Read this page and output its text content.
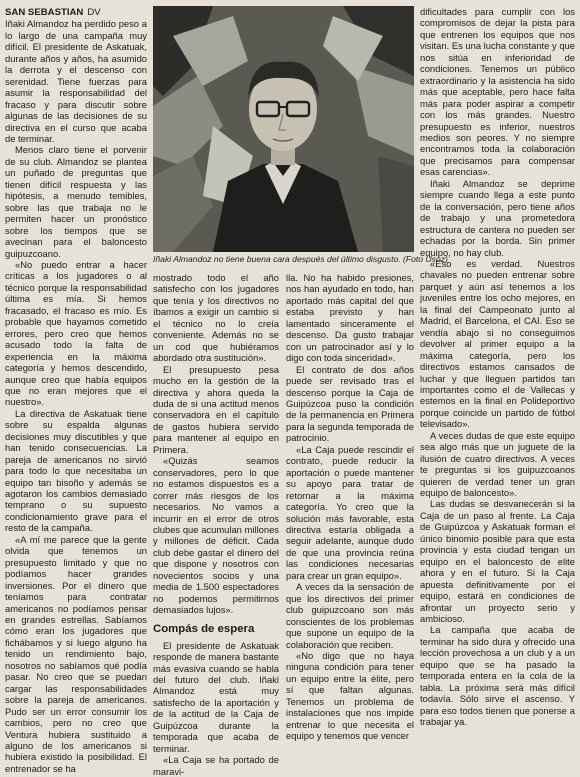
SAN SEBASTIAN DV

Iñaki Almandoz ha perdido peso a lo largo de una campaña muy difícil. El presidente de Askatuak, durante años y años, ha asumido la derrota y el descenso con serenidad. Tiene fuerzas para asumir la responsabilidad del fracaso y para discutir sobre algunas de las decisiones de su directiva en el curso que acaba de terminar.

Menos claro tiene el porvenir de su club. Almandoz se plantea un puñado de preguntas que tienen difícil respuesta y las hipótesis, a menudo temibles, sobre las que trabaja no le permiten hacer un pronóstico sobre los tiempos que se avecinan para el baloncesto guipuzcoano.

«No puedo entrar a hacer críticas a los jugadores o al técnico porque la responsabilidad última es mía. Si hemos fracasado, el fracaso es mío. Es probable que hayamos cometido errores, pero creo que hemos acusado todo la falta de experiencia en la máxima categoría y hemos descendido, aunque creo que había equipos que no eran mejores que el nuestro».

La directiva de Askatuak tiene sobre su espalda algunas decisiones muy discutibles y que han tenido consecuencias. La pareja de americanos no sirvió para todo lo que necesitaba un equipo tan bisoño y además se agotaron los cambios demasiado temprano o su supuesto condicionamiento grave para el resto de la campaña.

«A mí me parece que la gente olvida que tenemos un presupuesto limitado y que no podíamos hacer grandes inversiones. Por el dinero que teníamos para contratar americanos no podíamos pensar en grandes estrellas. Sabíamos cómo eran los jugadores que fichábamos y si luego alguno ha tenido un rendimiento bajo, nosotros no sabíamos qué podía pasar. No creo que se puedan cargar las responsabilidades sobre la pareja de americanos. Pudo ser un error consumir los cambios, pero no creo que Ventura hubiera sustituido a alguno de los americanos si hubiera existido la posibilidad. El entrenador se ha

Iñaki Almandoz no tiene buena cara después del último disgusto. (Foto Usoz)

mostrado todo el año satisfecho con los jugadores que tenía y los directivos no íbamos a exigir un cambio si el técnico no lo creía conveniente. Además no se un cod que hubiéramos abordado otra sustitución».

El presupuesto pesa mucho en la gestión de la directiva y ahora queda la duda de si una actitud menos conservadora en el capítulo de gastos hubiera servido para mantener al equipo en Primera.

«Quizás seamos conservadores, pero lo que no estamos dispuestos es a correr más riesgos de los necesarios. No vamos a incurrir en el error de otros clubes que acumulan millones y millones de déficit. Cada club debe gastar el dinero del que dispone y nosotros con novecientos socios y una media de 1.500 espectadores no podemos permitirnos demasiados lujos».

Compás de espera

El presidente de Askatuak responde de manera bastante más evasiva cuando se habla del futuro del club. Iñaki Almandoz está muy satisfecho de la aportación y de la actitud de la Caja de Guipúzcoa durante la temporada que acaba de terminar.

«La Caja se ha portado de maravi-

lla. No ha habido presiones, nos han ayudado en todo, han aportado más capital del que estaba previsto y han lamentado sinceramente el descenso. Da gusto trabajar con un patrocinador así y lo digo con toda sinceridad».

El contrato de dos años puede ser revisado tras el descenso porque la Caja de Guipúzcoa puso la condición de la permanencia en Primera para la segunda temporada de patrocinio.

«La Caja puede rescindir el contrato, puede reducir la aportación o puede mantener su apoyo para tratar de retornar a la máxima categoría. Yo creo que la solución más favorable, esta directiva estaría obligada a seguir adelante, aunque dudo de que una provincia reúna las condiciones necesarias para crear un gran equipo».

A veces da la sensación de que los directivos del primer club guipuzcoano son más conscientes de los problemas que supone un equipo de la colaboración que reciben.

«No digo que no haya ninguna condición para tener un equipo entre la élite, pero sí que faltan algunas. Tenemos un problema de instalaciones que nos impide entrenar lo que necesita el equipo y tenemos que vencer

dificultades para cumplir con los compromisos de dejar la pista para que entrenen los equipos que nos visitan. Es una lucha constante y que nos sitúa en inferioridad de condiciones. Tenemos un público extraordinario y la asistencia ha sido más que aceptable, pero hace falta más para poder aspirar a competir con los más grandes. Nuestro presupuesto es inferior, nuestros medios son peores. Y no siempre encontramos toda la colaboración que precisamos para compensar esas carencias».

Iñaki Almandoz se deprime siempre cuando llega a este punto de la conversación, pero tiene años de trabajo y una prometedora estructura de cantera no pueden ser echadas por la borda. Sin primer equipo, no hay club.

«Eso es verdad. Nuestros chavales no pueden entrenar sobre parquet y aún así tenemos a los juveniles entre los ocho mejores, en la final del Campeonato junto al Madrid, el Barcelona, el CAI. Eso se vendía abajo si no conseguimos devolver al primer equipo a la máxima categoría, pero los directivos estamos cansados de luchar y que lleguen partidos tan importantes como el de Vallecas y estemos en la final en Polideportivo porque coincide un partido de fútbol televisado».

A veces dudas de que este equipo sea algo más que un juguete de la ilusión de cuatro directivos. A veces te preguntas si los guipuzcoanos quieren de verdad tener un gran equipo de baloncesto».

Las dudas se desvanecerán si la Caja de un paso al frente. La Caja de Guipúzcoa y Askatuak forman el único binomio posible para que esta provincia y esta ciudad tengan un equipo en el baloncesto de elite ahora y en el futuro. Si la Caja apuesta definitivamente por el equipo, estará en condiciones de afrontar un proyecto serio y ambicioso.

La campaña que acaba de terminar ha sido dura y ofrecido una lección provechosa a un club y a un equipo que se ha pasado la temporada entera en la cola de la tabla. La próxima será más difícil todavía. Sólo sirve el ascenso. Y para eso todos tienen que ponerse a trabajar ya.
